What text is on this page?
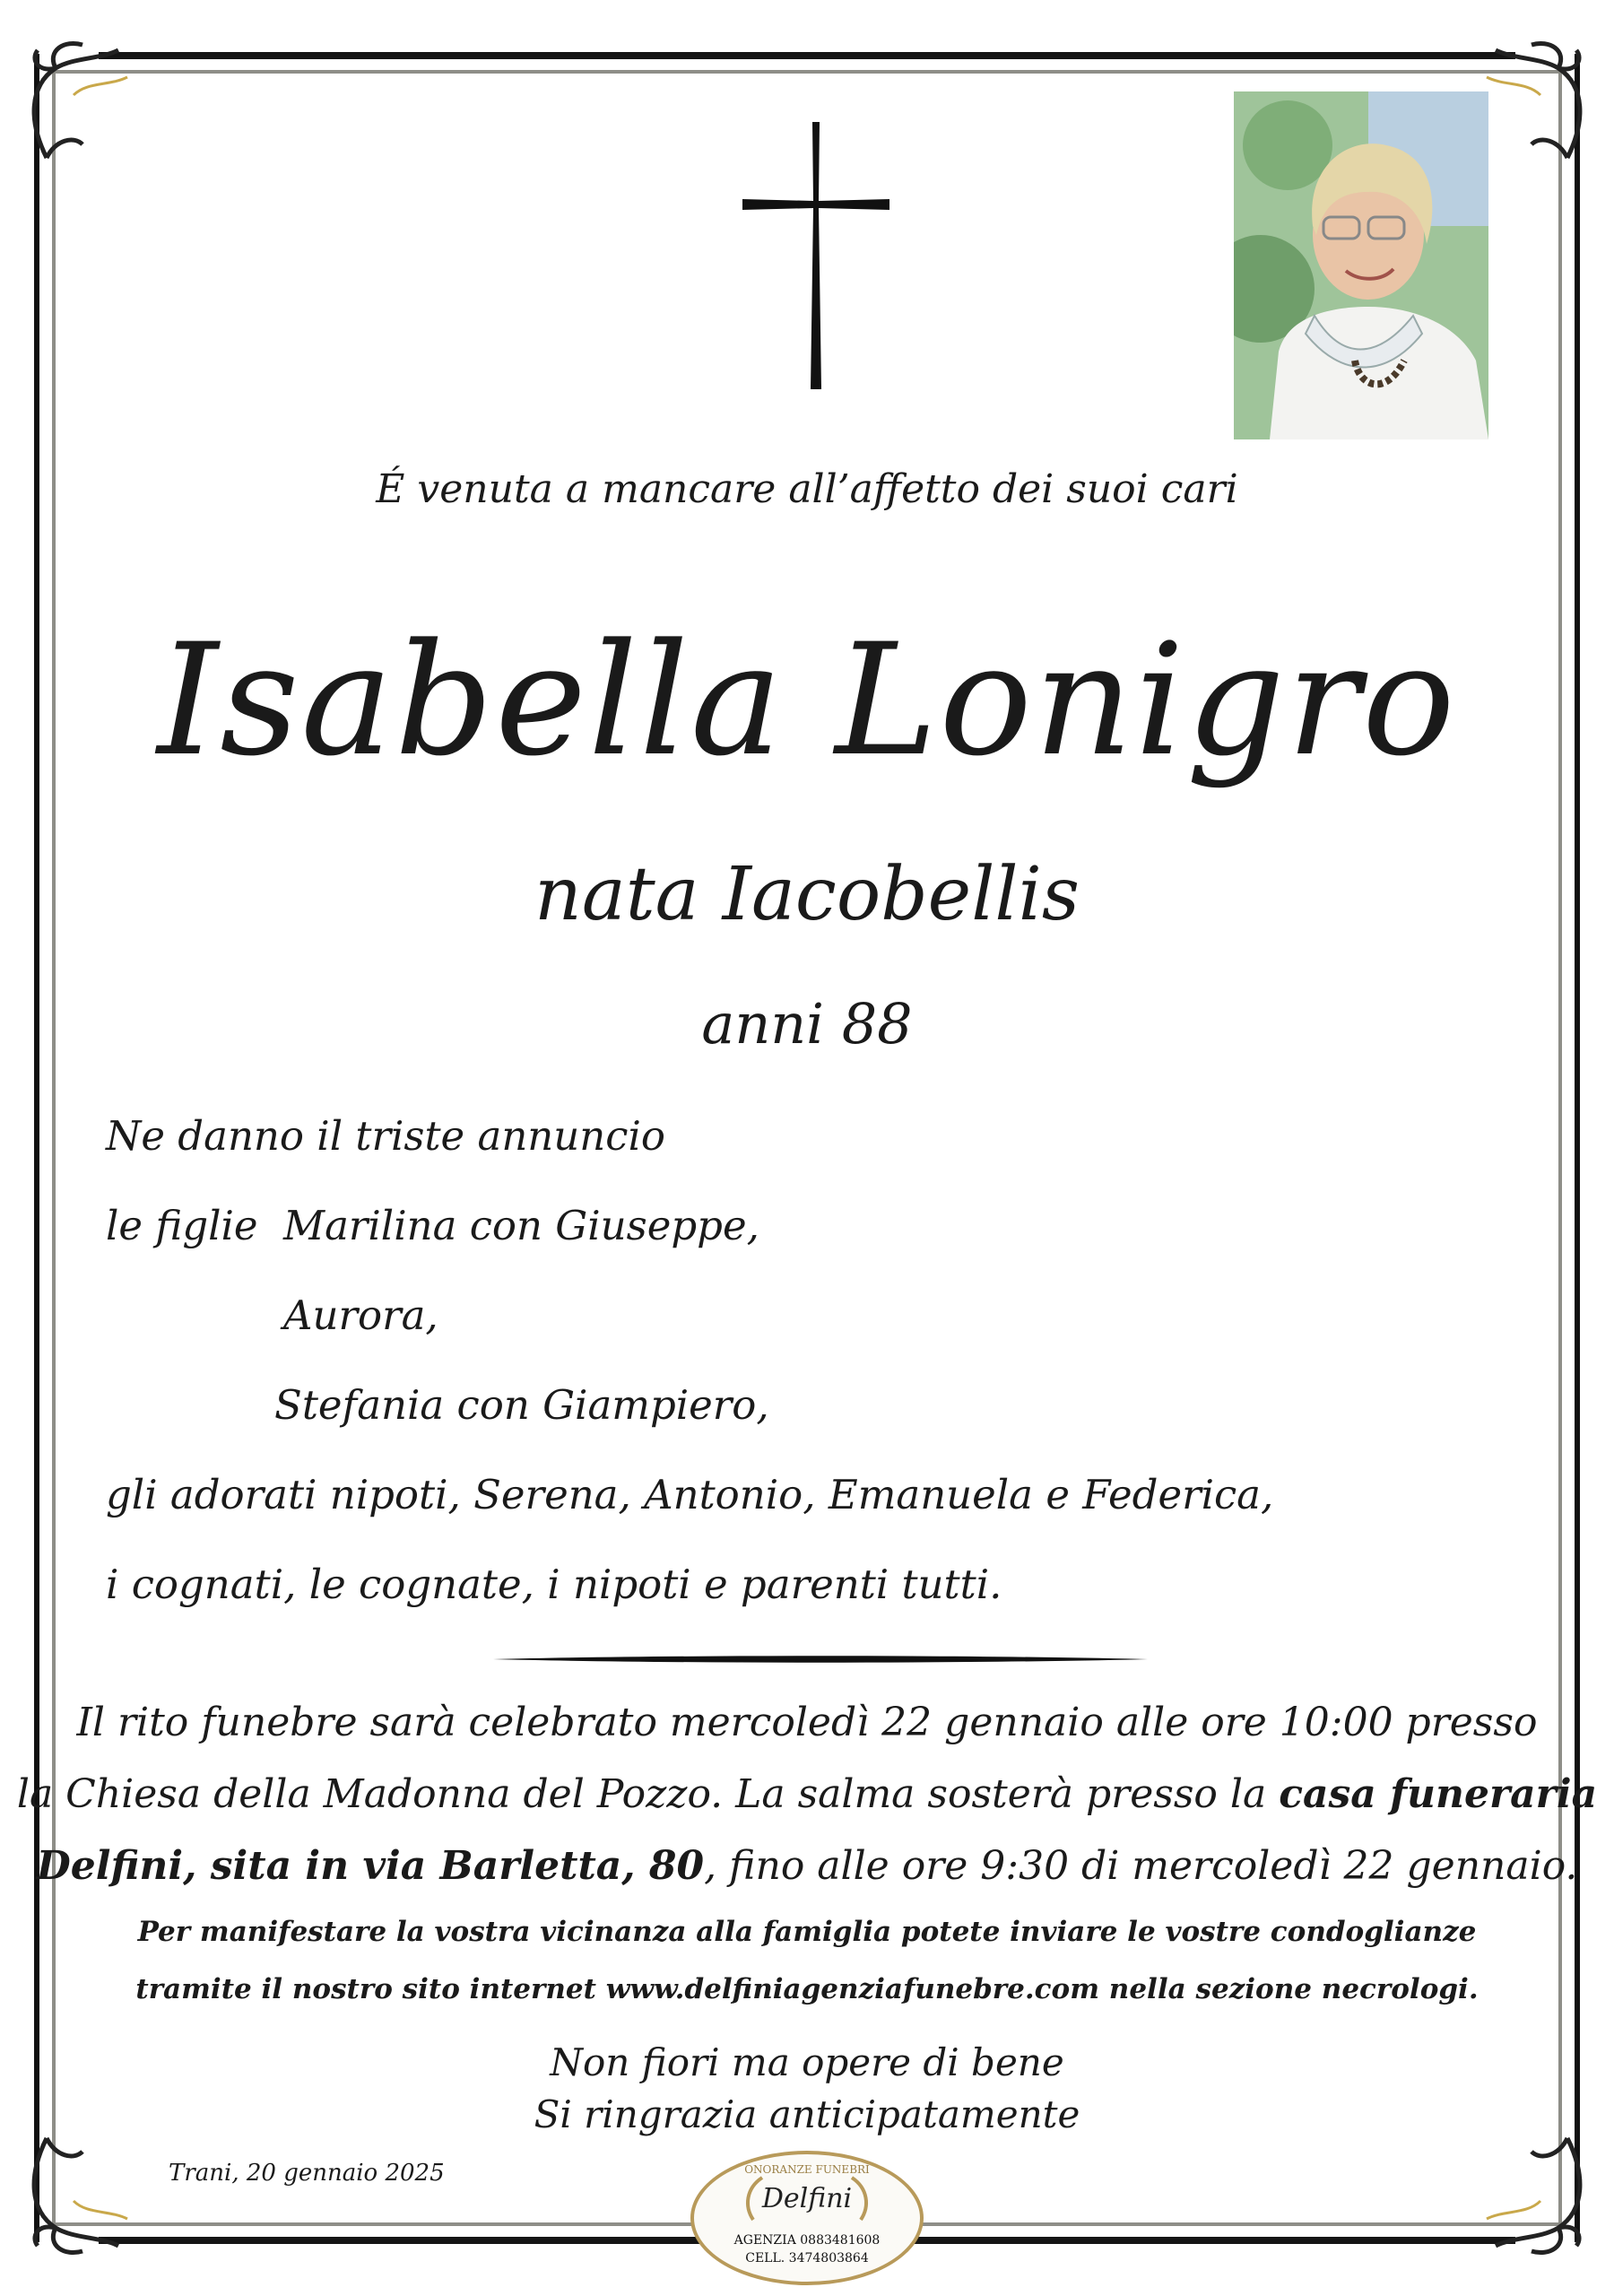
É venuta a mancare all’affetto dei suoi cari
Isabella Lonigro
nata Iacobellis
anni 88
Ne danno il triste annuncio
le figlie Marilina con Giuseppe,
Aurora,
Stefania con Giampiero,
gli adorati nipoti, Serena, Antonio, Emanuela e Federica,
i cognati, le cognate, i nipoti e parenti tutti.
Il rito funebre sarà celebrato mercoledì 22 gennaio alle ore 10:00 presso
la Chiesa della Madonna del Pozzo. La salma sosterà presso la casa funeraria
Delfini, sita in via Barletta, 80, fino alle ore 9:30 di mercoledì 22 gennaio.
Per manifestare la vostra vicinanza alla famiglia potete inviare le vostre condoglianze
tramite il nostro sito internet www.delfiniagenziafunebre.com nella sezione necrologi.
Non fiori ma opere di bene
Si ringrazia anticipatamente
Trani, 20 gennaio 2025	ONORANZE FUNEBRI
Delfini
AGENZIA 0883481608
CELL. 3474803864
